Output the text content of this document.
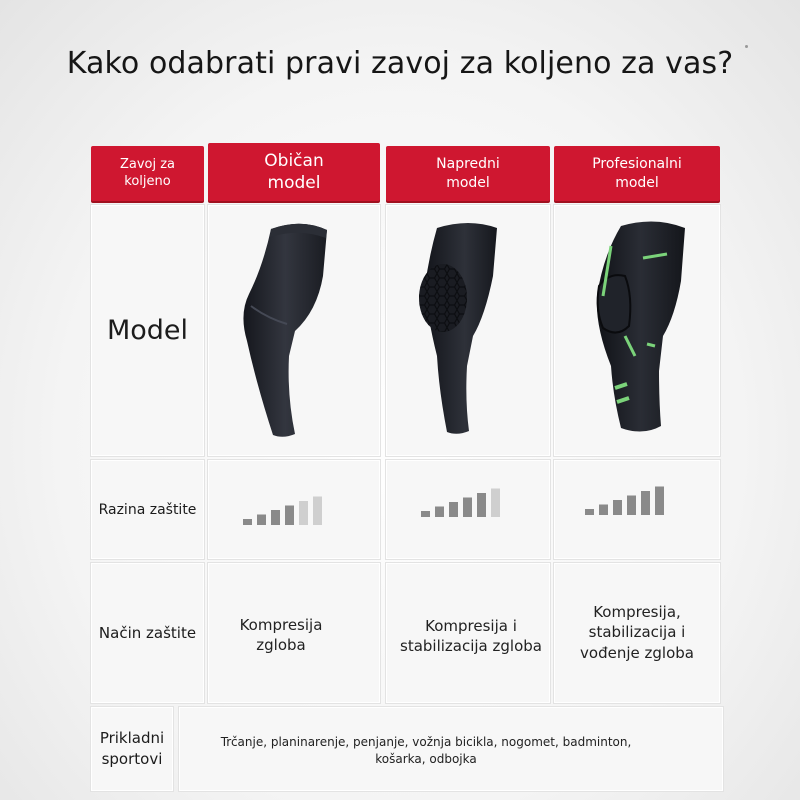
Kako odabrati pravi zavoj za koljeno za vas?
Zavoj za koljeno
Običan model
Napredni model
Profesionalni model
Model
Razina zaštite
Način zaštite	Kompresija zgloba
Kompresija i stabilizacija zgloba
Kompresija, stabilizacija i vođenje zgloba
Prikladni sportovi
Trčanje, planinarenje, penjanje, vožnja bicikla, nogomet, badminton, košarka, odbojka
